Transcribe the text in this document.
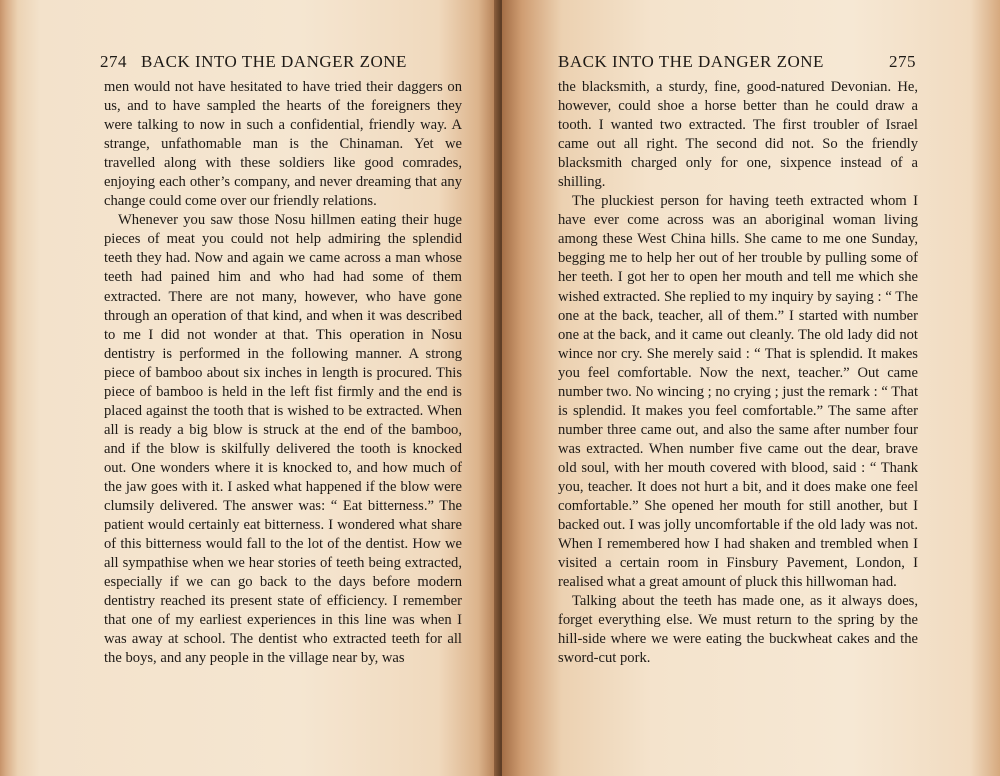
274 BACK INTO THE DANGER ZONE

men would not have hesitated to have tried their daggers on us, and to have sampled the hearts of the foreigners they were talking to now in such a confidential, friendly way. A strange, unfathomable man is the Chinaman. Yet we travelled along with these soldiers like good comrades, enjoying each other’s company, and never dreaming that any change could come over our friendly relations.

Whenever you saw those Nosu hillmen eating their huge pieces of meat you could not help admiring the splendid teeth they had. Now and again we came across a man whose teeth had pained him and who had had some of them extracted. There are not many, however, who have gone through an operation of that kind, and when it was described to me I did not wonder at that. This operation in Nosu dentistry is performed in the following manner. A strong piece of bamboo about six inches in length is procured. This piece of bamboo is held in the left fist firmly and the end is placed against the tooth that is wished to be extracted. When all is ready a big blow is struck at the end of the bamboo, and if the blow is skilfully delivered the tooth is knocked out. One wonders where it is knocked to, and how much of the jaw goes with it. I asked what happened if the blow were clumsily delivered. The answer was: “ Eat bitterness.” The patient would certainly eat bitterness. I wondered what share of this bitterness would fall to the lot of the dentist. How we all sympathise when we hear stories of teeth being extracted, especially if we can go back to the days before modern dentistry reached its present state of efficiency. I remember that one of my earliest experiences in this line was when I was away at school. The dentist who extracted teeth for all the boys, and any people in the village near by, was

BACK INTO THE DANGER ZONE	275

the blacksmith, a sturdy, fine, good-natured Devonian. He, however, could shoe a horse better than he could draw a tooth. I wanted two extracted. The first troubler of Israel came out all right. The second did not. So the friendly blacksmith charged only for one, sixpence instead of a shilling.

The pluckiest person for having teeth extracted whom I have ever come across was an aboriginal woman living among these West China hills. She came to me one Sunday, begging me to help her out of her trouble by pulling some of her teeth. I got her to open her mouth and tell me which she wished extracted. She replied to my inquiry by saying : “ The one at the back, teacher, all of them.” I started with number one at the back, and it came out cleanly. The old lady did not wince nor cry. She merely said : “ That is splendid. It makes you feel comfortable. Now the next, teacher.” Out came number two. No wincing ; no crying ; just the remark : “ That is splendid. It makes you feel comfortable.” The same after number three came out, and also the same after number four was extracted. When number five came out the dear, brave old soul, with her mouth covered with blood, said : “ Thank you, teacher. It does not hurt a bit, and it does make one feel comfortable.” She opened her mouth for still another, but I backed out. I was jolly uncomfortable if the old lady was not. When I remembered how I had shaken and trembled when I visited a certain room in Finsbury Pavement, London, I realised what a great amount of pluck this hillwoman had.

Talking about the teeth has made one, as it always does, forget everything else. We must return to the spring by the hill-side where we were eating the buckwheat cakes and the sword-cut pork.
